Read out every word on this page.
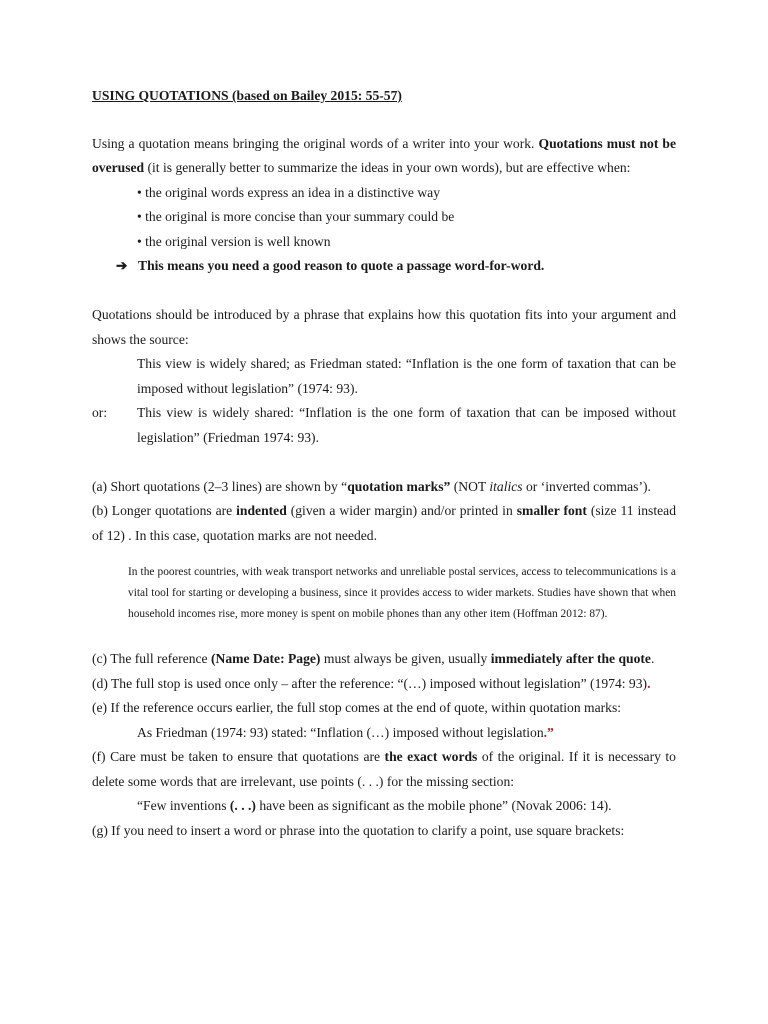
USING QUOTATIONS (based on Bailey 2015: 55-57)

Using a quotation means bringing the original words of a writer into your work. Quotations must not be overused (it is generally better to summarize the ideas in your own words), but are effective when:

• the original words express an idea in a distinctive way

• the original is more concise than your summary could be

• the original version is well known

➔ This means you need a good reason to quote a passage word-for-word.

Quotations should be introduced by a phrase that explains how this quotation fits into your argument and shows the source:

This view is widely shared; as Friedman stated: “Inflation is the one form of taxation that can be imposed without legislation” (1974: 93).

or:	This view is widely shared: “Inflation is the one form of taxation that can be imposed without legislation” (Friedman 1974: 93).

(a) Short quotations (2–3 lines) are shown by “quotation marks” (NOT italics or ‘inverted commas’).

(b) Longer quotations are indented (given a wider margin) and/or printed in smaller font (size 11 instead of 12) . In this case, quotation marks are not needed.

In the poorest countries, with weak transport networks and unreliable postal services, access to telecommunications is a vital tool for starting or developing a business, since it provides access to wider markets. Studies have shown that when household incomes rise, more money is spent on mobile phones than any other item (Hoffman 2012: 87).

(c) The full reference (Name Date: Page) must always be given, usually immediately after the quote.

(d) The full stop is used once only – after the reference: “(…) imposed without legislation” (1974: 93).

(e) If the reference occurs earlier, the full stop comes at the end of quote, within quotation marks:

As Friedman (1974: 93) stated: “Inflation (…) imposed without legislation.”

(f) Care must be taken to ensure that quotations are the exact words of the original. If it is necessary to delete some words that are irrelevant, use points (. . .) for the missing section:

“Few inventions (. . .) have been as significant as the mobile phone” (Novak 2006: 14).

(g) If you need to insert a word or phrase into the quotation to clarify a point, use square brackets:
